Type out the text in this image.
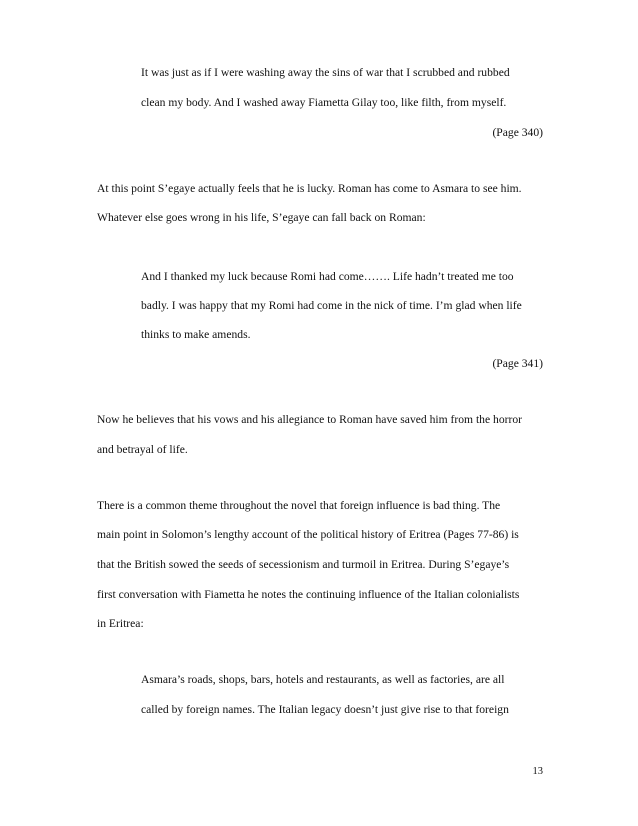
It was just as if I were washing away the sins of war that I scrubbed and rubbed
clean my body. And I washed away Fiametta Gilay too, like filth, from myself.
(Page 340)
At this point S’egaye actually feels that he is lucky. Roman has come to Asmara to see him.
Whatever else goes wrong in his life, S’egaye can fall back on Roman:
And I thanked my luck because Romi had come……. Life hadn’t treated me too
badly. I was happy that my Romi had come in the nick of time. I’m glad when life
thinks to make amends.
(Page 341)
Now he believes that his vows and his allegiance to Roman have saved him from the horror
and betrayal of life.
There is a common theme throughout the novel that foreign influence is bad thing. The
main point in Solomon’s lengthy account of the political history of Eritrea (Pages 77-86) is
that the British sowed the seeds of secessionism and turmoil in Eritrea. During S’egaye’s
first conversation with Fiametta he notes the continuing influence of the Italian colonialists
in Eritrea:
Asmara’s roads, shops, bars, hotels and restaurants, as well as factories, are all
called by foreign names. The Italian legacy doesn’t just give rise to that foreign
13
